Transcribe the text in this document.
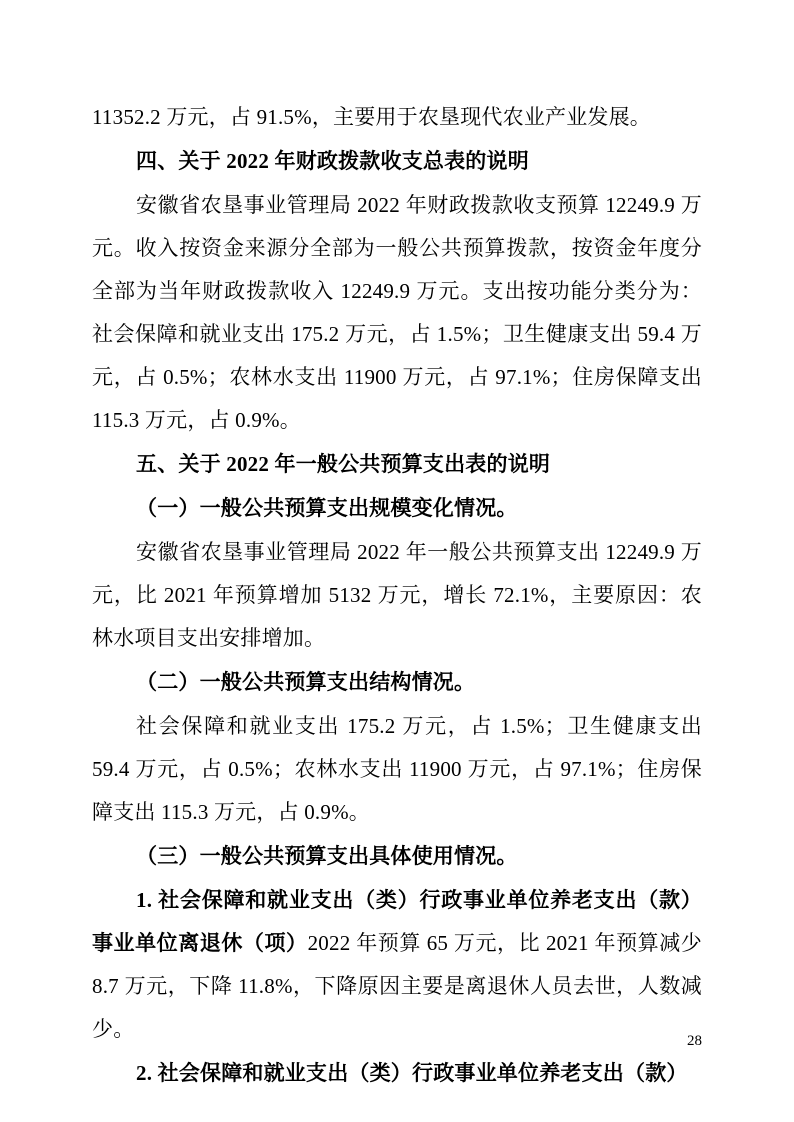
11352.2 万元，占 91.5%，主要用于农垦现代农业产业发展。

四、关于 2022 年财政拨款收支总表的说明

安徽省农垦事业管理局 2022 年财政拨款收支预算 12249.9 万元。收入按资金来源分全部为一般公共预算拨款，按资金年度分全部为当年财政拨款收入 12249.9 万元。支出按功能分类分为：社会保障和就业支出 175.2 万元，占 1.5%；卫生健康支出 59.4 万元，占 0.5%；农林水支出 11900 万元，占 97.1%；住房保障支出 115.3 万元，占 0.9%。

五、关于 2022 年一般公共预算支出表的说明

（一）一般公共预算支出规模变化情况。

安徽省农垦事业管理局 2022 年一般公共预算支出 12249.9 万元，比 2021 年预算增加 5132 万元，增长 72.1%，主要原因：农林水项目支出安排增加。

（二）一般公共预算支出结构情况。

社会保障和就业支出 175.2 万元，占 1.5%；卫生健康支出 59.4 万元，占 0.5%；农林水支出 11900 万元，占 97.1%；住房保障支出 115.3 万元，占 0.9%。

（三）一般公共预算支出具体使用情况。

1. 社会保障和就业支出（类）行政事业单位养老支出（款）事业单位离退休（项）2022 年预算 65 万元，比 2021 年预算减少 8.7 万元，下降 11.8%，下降原因主要是离退休人员去世，人数减少。

2. 社会保障和就业支出（类）行政事业单位养老支出（款）

28
